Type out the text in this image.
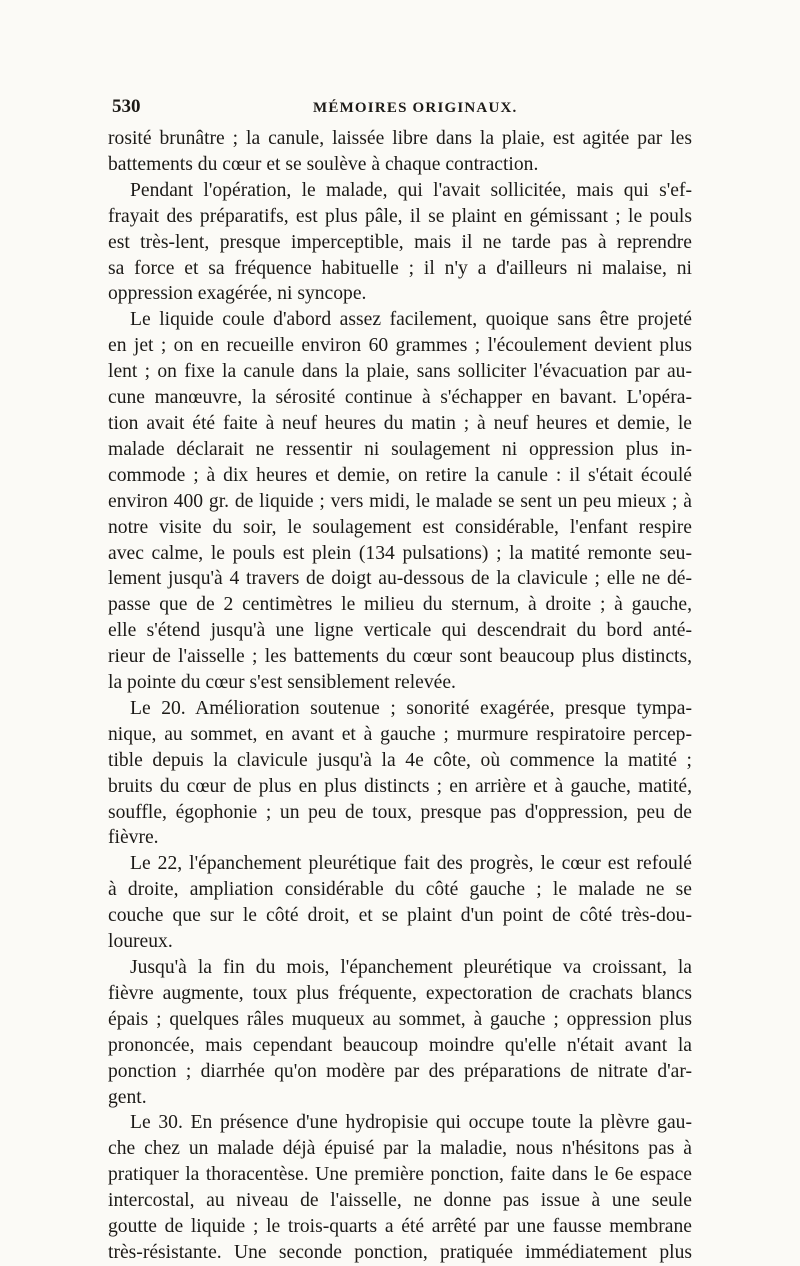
530	MÉMOIRES ORIGINAUX.
rosité brunâtre ; la canule, laissée libre dans la plaie, est agitée par les
battements du cœur et se soulève à chaque contraction.
Pendant l'opération, le malade, qui l'avait sollicitée, mais qui s'ef-
frayait des préparatifs, est plus pâle, il se plaint en gémissant ; le pouls
est très-lent, presque imperceptible, mais il ne tarde pas à reprendre
sa force et sa fréquence habituelle ; il n'y a d'ailleurs ni malaise, ni
oppression exagérée, ni syncope.
Le liquide coule d'abord assez facilement, quoique sans être projeté
en jet ; on en recueille environ 60 grammes ; l'écoulement devient plus
lent ; on fixe la canule dans la plaie, sans solliciter l'évacuation par au-
cune manœuvre, la sérosité continue à s'échapper en bavant. L'opéra-
tion avait été faite à neuf heures du matin ; à neuf heures et demie, le
malade déclarait ne ressentir ni soulagement ni oppression plus in-
commode ; à dix heures et demie, on retire la canule : il s'était écoulé
environ 400 gr. de liquide ; vers midi, le malade se sent un peu mieux ; à
notre visite du soir, le soulagement est considérable, l'enfant respire
avec calme, le pouls est plein (134 pulsations) ; la matité remonte seu-
lement jusqu'à 4 travers de doigt au-dessous de la clavicule ; elle ne dé-
passe que de 2 centimètres le milieu du sternum, à droite ; à gauche,
elle s'étend jusqu'à une ligne verticale qui descendrait du bord anté-
rieur de l'aisselle ; les battements du cœur sont beaucoup plus distincts,
la pointe du cœur s'est sensiblement relevée.
Le 20. Amélioration soutenue ; sonorité exagérée, presque tympa-
nique, au sommet, en avant et à gauche ; murmure respiratoire percep-
tible depuis la clavicule jusqu'à la 4e côte, où commence la matité ;
bruits du cœur de plus en plus distincts ; en arrière et à gauche, matité,
souffle, égophonie ; un peu de toux, presque pas d'oppression, peu de
fièvre.
Le 22, l'épanchement pleurétique fait des progrès, le cœur est refoulé
à droite, ampliation considérable du côté gauche ; le malade ne se
couche que sur le côté droit, et se plaint d'un point de côté très-dou-
loureux.
Jusqu'à la fin du mois, l'épanchement pleurétique va croissant, la
fièvre augmente, toux plus fréquente, expectoration de crachats blancs
épais ; quelques râles muqueux au sommet, à gauche ; oppression plus
prononcée, mais cependant beaucoup moindre qu'elle n'était avant la
ponction ; diarrhée qu'on modère par des préparations de nitrate d'ar-
gent.
Le 30. En présence d'une hydropisie qui occupe toute la plèvre gau-
che chez un malade déjà épuisé par la maladie, nous n'hésitons pas à
pratiquer la thoracentèse. Une première ponction, faite dans le 6e espace
intercostal, au niveau de l'aisselle, ne donne pas issue à une seule
goutte de liquide ; le trois-quarts a été arrêté par une fausse membrane
très-résistante. Une seconde ponction, pratiquée immédiatement plus
